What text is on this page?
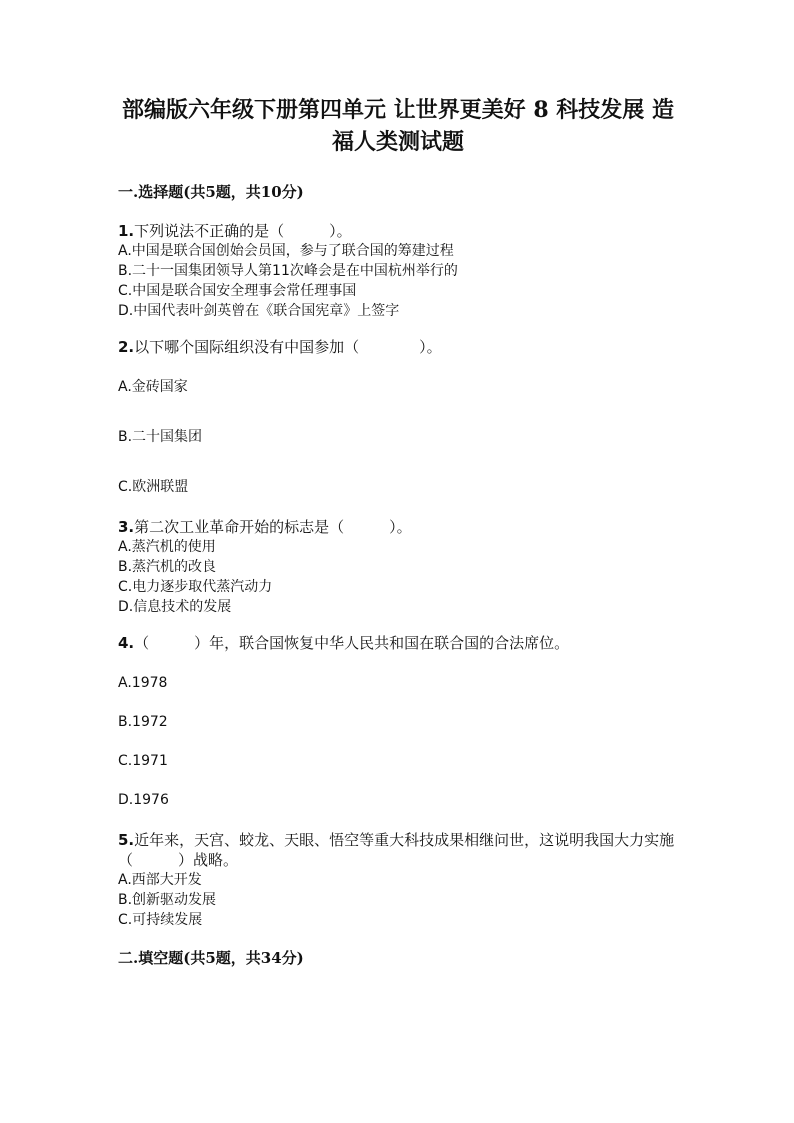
部编版六年级下册第四单元 让世界更美好 8 科技发展 造福人类测试题
一.选择题(共5题，共10分)
1.下列说法不正确的是（　　　）。
A.中国是联合国创始会员国，参与了联合国的筹建过程
B.二十一国集团领导人第11次峰会是在中国杭州举行的
C.中国是联合国安全理事会常任理事国
D.中国代表叶剑英曾在《联合国宪章》上签字
2.以下哪个国际组织没有中国参加（　　　　）。
A.金砖国家
B.二十国集团
C.欧洲联盟
3.第二次工业革命开始的标志是（　　　）。
A.蒸汽机的使用
B.蒸汽机的改良
C.电力逐步取代蒸汽动力
D.信息技术的发展
4.（　　　）年，联合国恢复中华人民共和国在联合国的合法席位。
A.1978
B.1972
C.1971
D.1976
5.近年来，天宫、蛟龙、天眼、悟空等重大科技成果相继问世，这说明我国大力实施（　　　）战略。
A.西部大开发
B.创新驱动发展
C.可持续发展
二.填空题(共5题，共34分)
